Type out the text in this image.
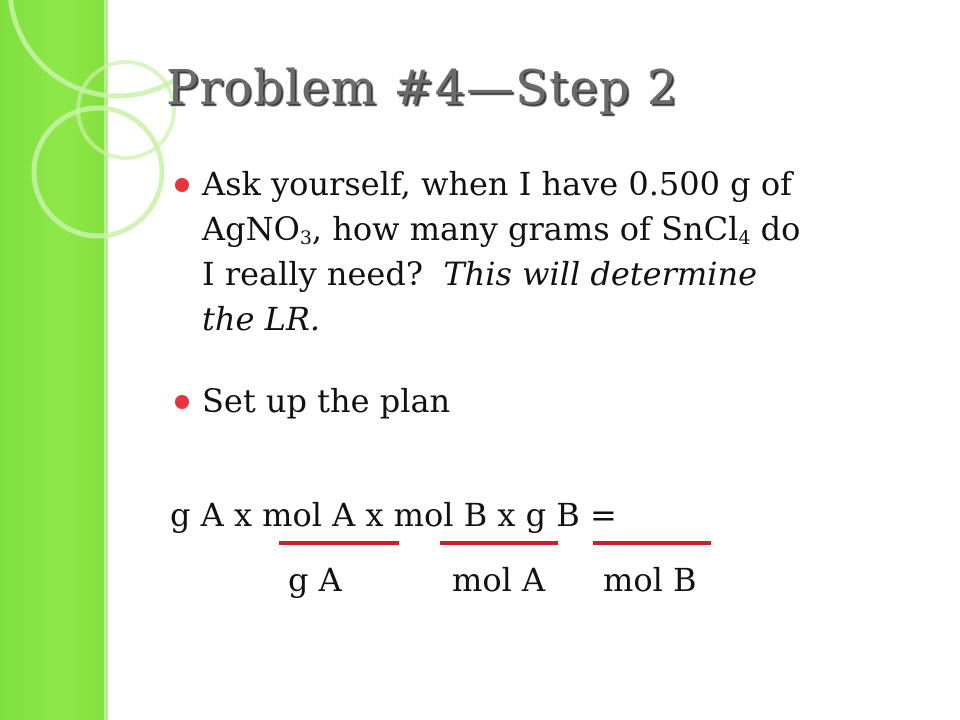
Problem #4—Step 2
Ask yourself, when I have 0.500 g of
AgNO$_3$, how many grams of SnCl$_4$ do
I really need?  This will determine
the LR.
Set up the plan
g A x mol A x mol B x g B =
g A	mol A mol B
